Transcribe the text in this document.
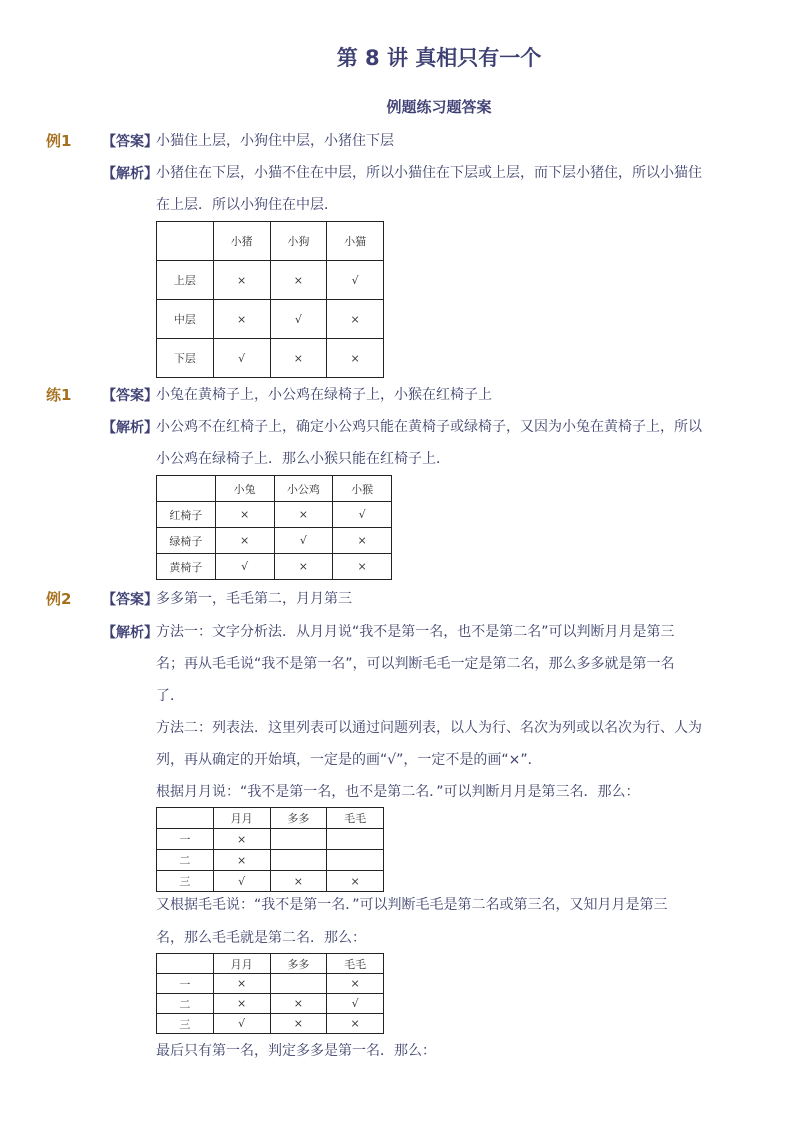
第 8 讲 真相只有一个
例题练习题答案
例1 【答案】
小猫住上层，小狗住中层，小猪住下层
【解析】
小猪住在下层，小猫不住在中层，所以小猫住在下层或上层，而下层小猪住，所以小猫住
在上层．所以小狗住在中层．
	小猪	小狗	小猫
上层	×	×	√
中层	×	√	×
下层	√	×	×
练1 【答案】
小兔在黄椅子上，小公鸡在绿椅子上，小猴在红椅子上
【解析】
小公鸡不在红椅子上，确定小公鸡只能在黄椅子或绿椅子，又因为小兔在黄椅子上，所以
小公鸡在绿椅子上．那么小猴只能在红椅子上．
	小兔	小公鸡	小猴
红椅子	×	×	√
绿椅子	×	√	×
黄椅子	√	×	×
例2 【答案】
多多第一，毛毛第二，月月第三
【解析】
方法一：文字分析法．从月月说“我不是第一名，也不是第二名”可以判断月月是第三
名；再从毛毛说“我不是第一名”，可以判断毛毛一定是第二名，那么多多就是第一名
了．
方法二：列表法．这里列表可以通过问题列表，以人为行、名次为列或以名次为行、人为
列，再从确定的开始填，一定是的画“√”，一定不是的画“×”．
根据月月说：“我不是第一名，也不是第二名．”可以判断月月是第三名．那么：
	月月	多多	毛毛
一	×		
二	×		
三	√	×	×
又根据毛毛说：“我不是第一名．”可以判断毛毛是第二名或第三名，又知月月是第三
名，那么毛毛就是第二名．那么：
	月月	多多	毛毛
一	×		×
二	×	×	√
三	√	×	×
最后只有第一名，判定多多是第一名．那么：
